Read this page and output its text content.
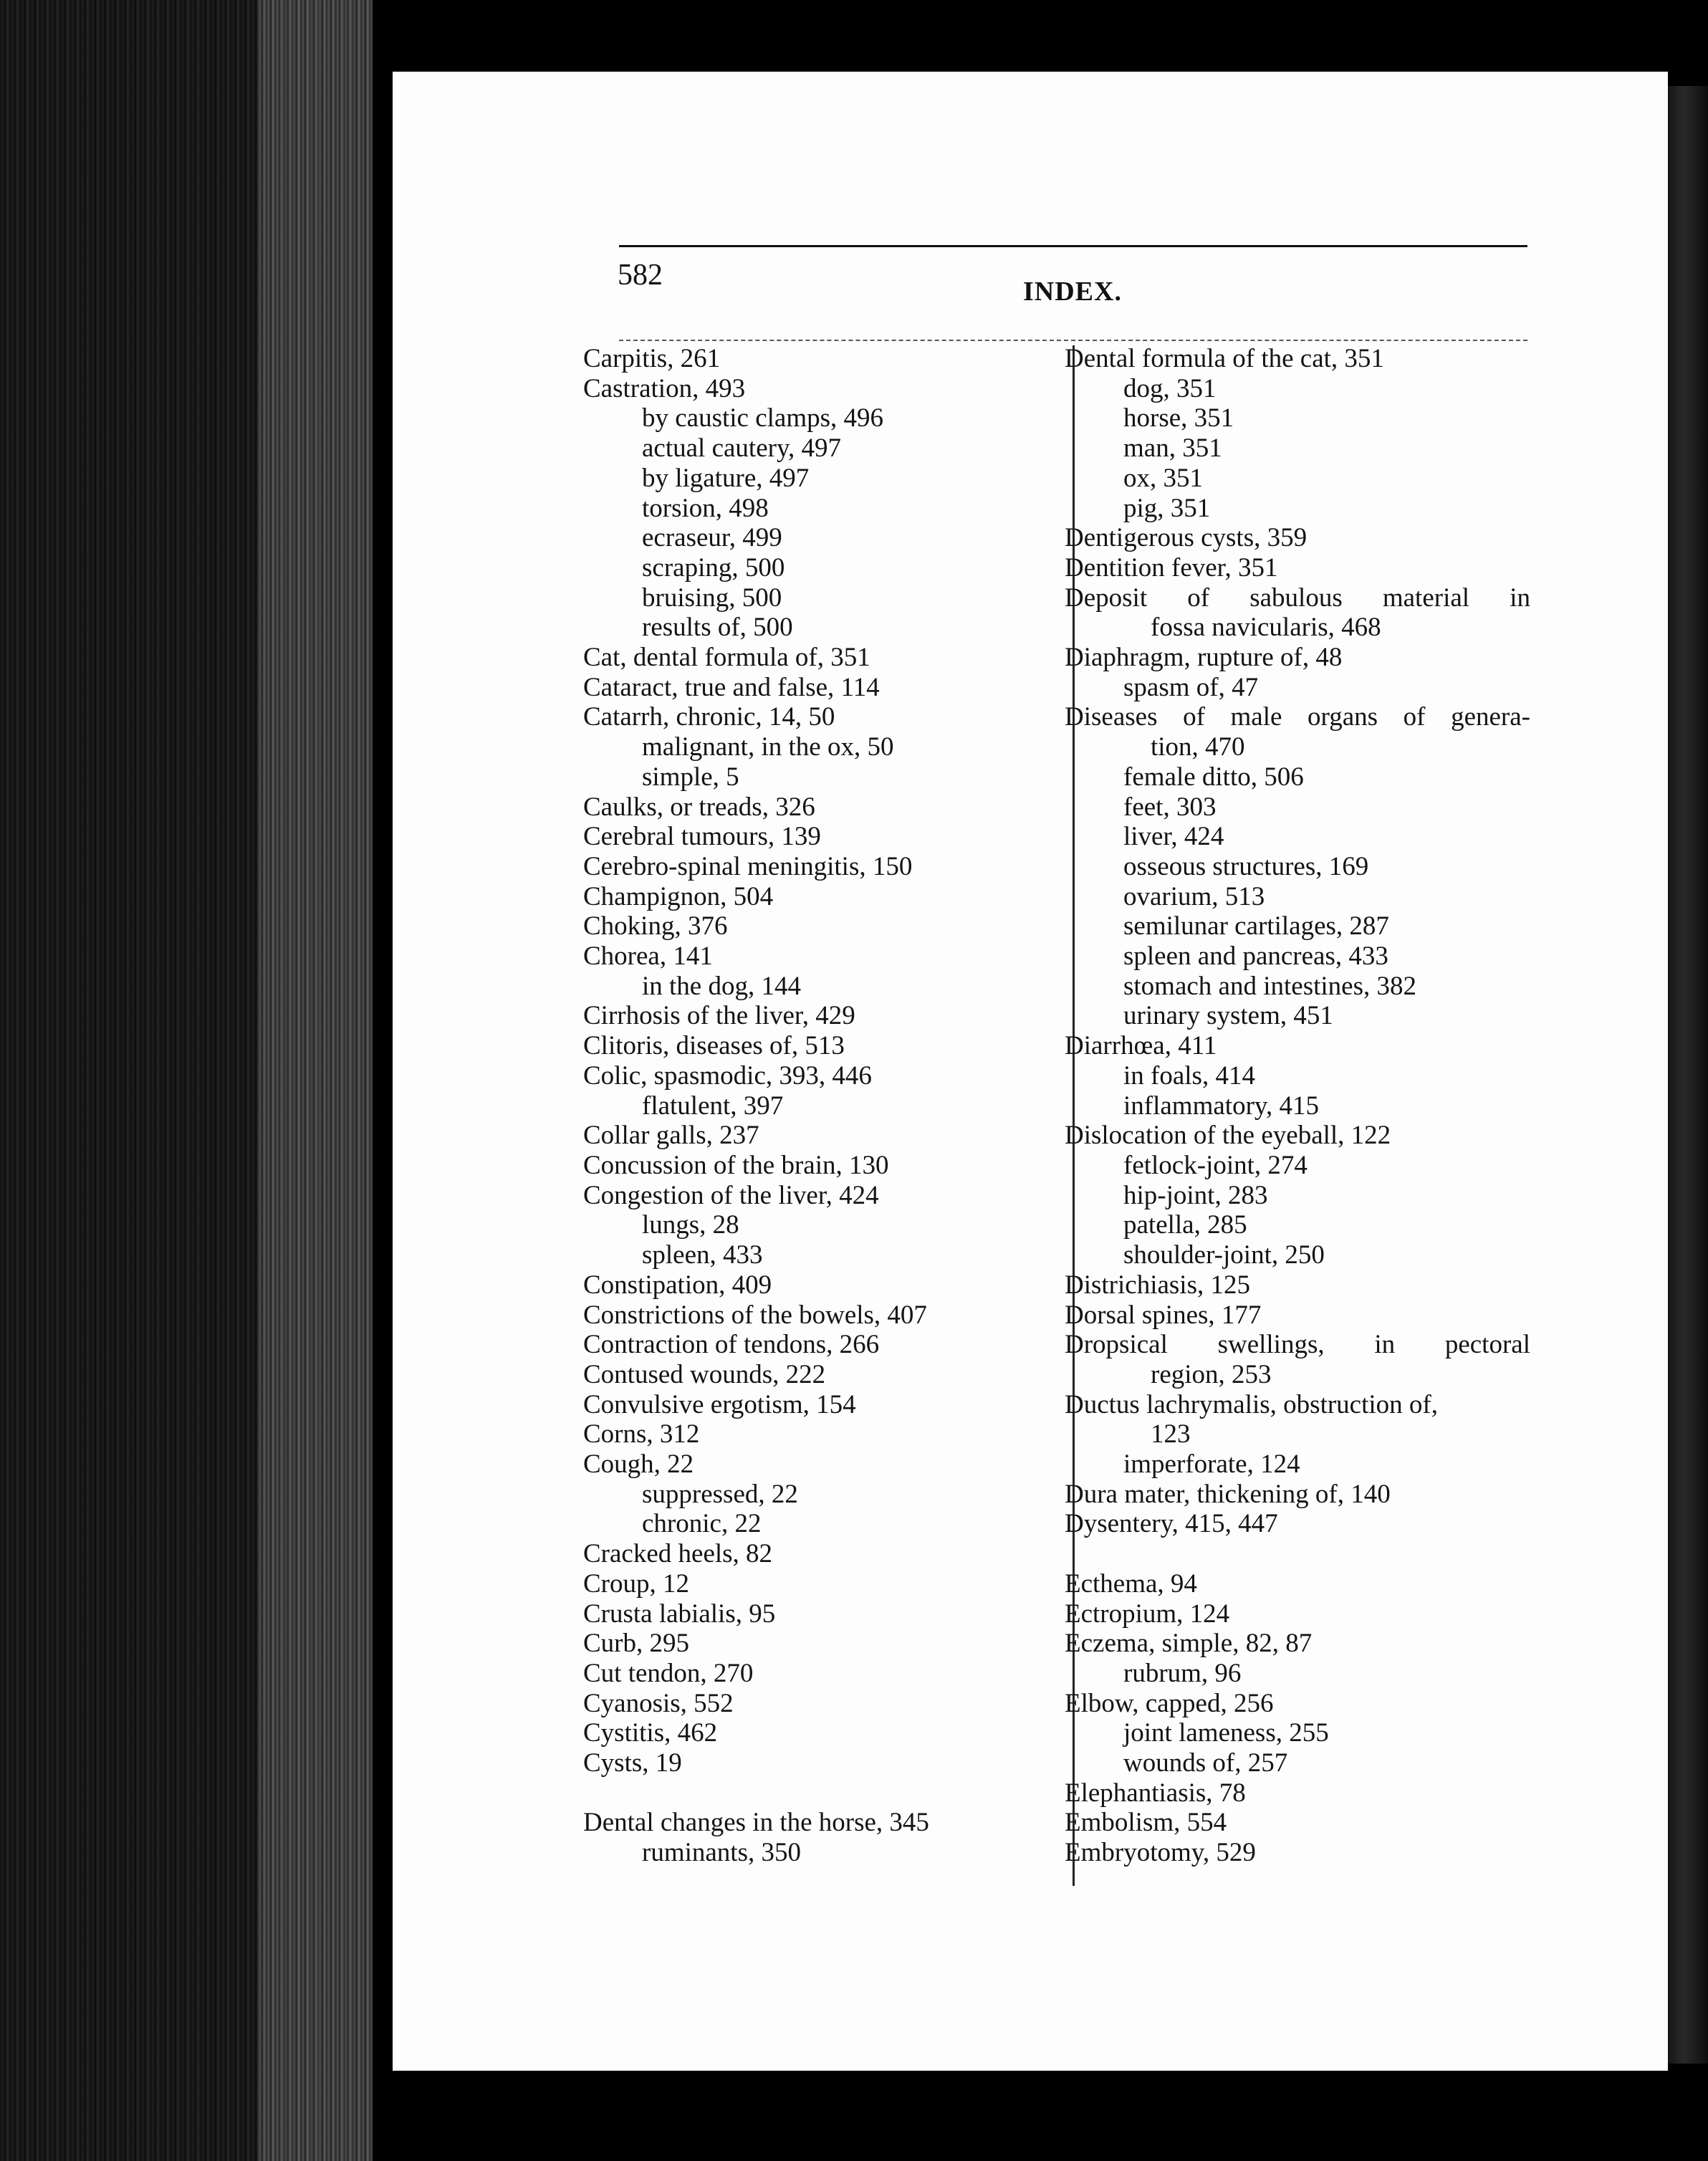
582	INDEX.
Carpitis, 261
Castration, 493
by caustic clamps, 496
actual cautery, 497
by ligature, 497
torsion, 498
ecraseur, 499
scraping, 500
bruising, 500
results of, 500
Cat, dental formula of, 351
Cataract, true and false, 114
Catarrh, chronic, 14, 50
malignant, in the ox, 50
simple, 5
Caulks, or treads, 326
Cerebral tumours, 139
Cerebro-spinal meningitis, 150
Champignon, 504
Choking, 376
Chorea, 141
in the dog, 144
Cirrhosis of the liver, 429
Clitoris, diseases of, 513
Colic, spasmodic, 393, 446
flatulent, 397
Collar galls, 237
Concussion of the brain, 130
Congestion of the liver, 424
lungs, 28
spleen, 433
Constipation, 409
Constrictions of the bowels, 407
Contraction of tendons, 266
Contused wounds, 222
Convulsive ergotism, 154
Corns, 312
Cough, 22
suppressed, 22
chronic, 22
Cracked heels, 82
Croup, 12
Crusta labialis, 95
Curb, 295
Cut tendon, 270
Cyanosis, 552
Cystitis, 462
Cysts, 19
Dental changes in the horse, 345
ruminants, 350
Dental formula of the cat, 351
dog, 351
horse, 351
man, 351
ox, 351
pig, 351
Dentigerous cysts, 359
Dentition fever, 351
Deposit of sabulous material in
fossa navicularis, 468
Diaphragm, rupture of, 48
spasm of, 47
Diseases of male organs of genera-
tion, 470
female ditto, 506
feet, 303
liver, 424
osseous structures, 169
ovarium, 513
semilunar cartilages, 287
spleen and pancreas, 433
stomach and intestines, 382
urinary system, 451
Diarrhœa, 411
in foals, 414
inflammatory, 415
Dislocation of the eyeball, 122
fetlock-joint, 274
hip-joint, 283
patella, 285
shoulder-joint, 250
Districhiasis, 125
Dorsal spines, 177
Dropsical swellings, in pectoral
region, 253
Ductus lachrymalis, obstruction of,
123
imperforate, 124
Dura mater, thickening of, 140
Dysentery, 415, 447
Ecthema, 94
Ectropium, 124
Eczema, simple, 82, 87
rubrum, 96
Elbow, capped, 256
joint lameness, 255
wounds of, 257
Elephantiasis, 78
Embolism, 554
Embryotomy, 529
